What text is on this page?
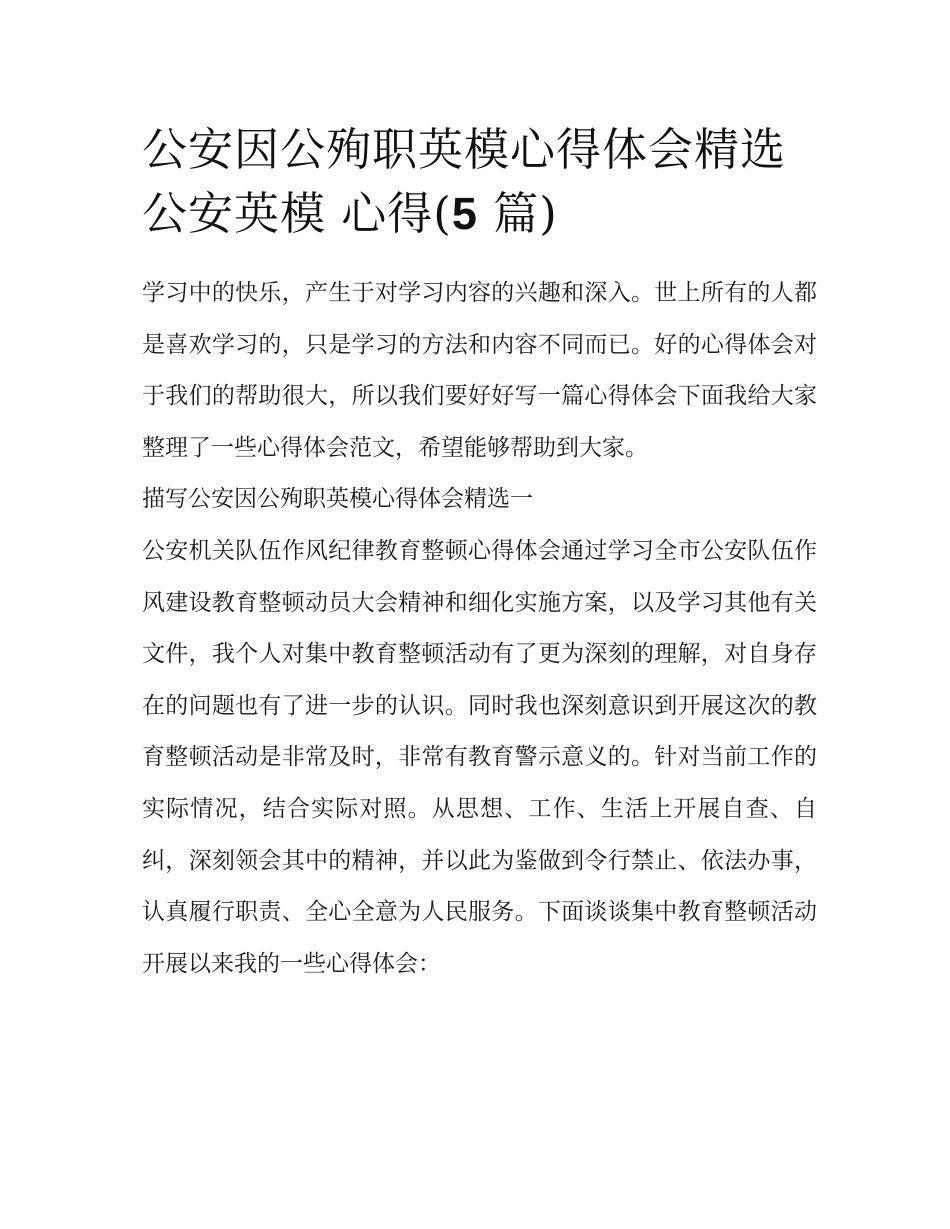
公安因公殉职英模心得体会精选 公安英模 心得(5 篇)

学习中的快乐，产生于对学习内容的兴趣和深入。世上所有的人都是喜欢学习的，只是学习的方法和内容不同而已。好的心得体会对于我们的帮助很大，所以我们要好好写一篇心得体会下面我给大家整理了一些心得体会范文，希望能够帮助到大家。

描写公安因公殉职英模心得体会精选一

公安机关队伍作风纪律教育整顿心得体会通过学习全市公安队伍作风建设教育整顿动员大会精神和细化实施方案，以及学习其他有关文件，我个人对集中教育整顿活动有了更为深刻的理解，对自身存在的问题也有了进一步的认识。同时我也深刻意识到开展这次的教育整顿活动是非常及时，非常有教育警示意义的。针对当前工作的实际情况，结合实际对照。从思想、工作、生活上开展自查、自纠，深刻领会其中的精神，并以此为鉴做到令行禁止、依法办事，认真履行职责、全心全意为人民服务。下面谈谈集中教育整顿活动开展以来我的一些心得体会：
